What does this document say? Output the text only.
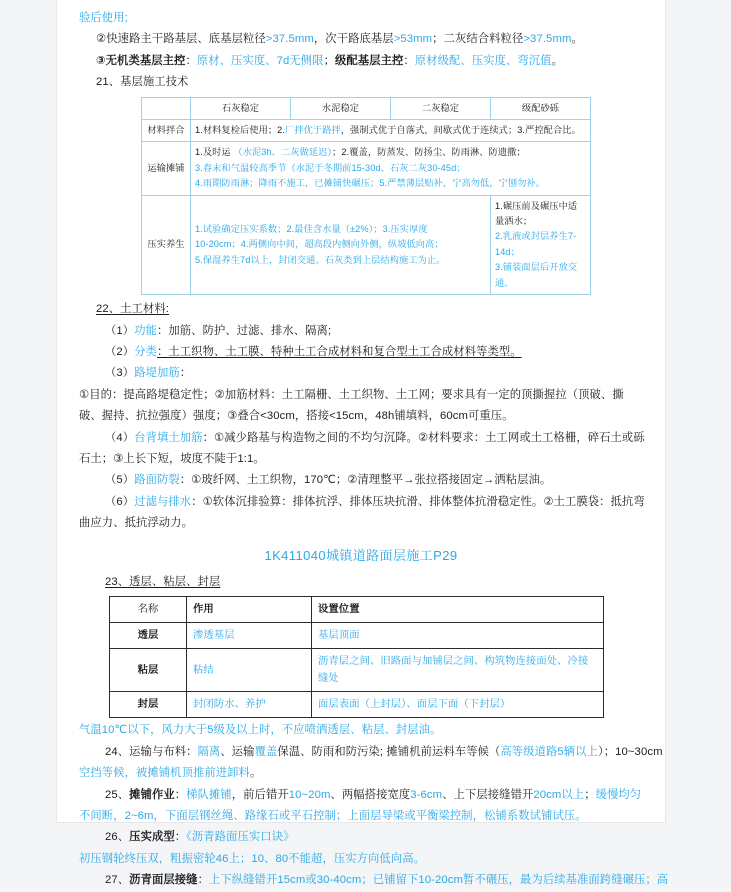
验后使用;
②快速路主干路基层、底基层粒径>37.5mm，次干路底基层>53mm；二灰结合料粒径>37.5mm。
③无机类基层主控：原材、压实度、7d无侧限；级配基层主控：原材级配、压实度、弯沉值。
21、基层施工技术
	石灰稳定	水泥稳定	二灰稳定	级配砂砾
材料拌合	1.材料复检后使用；2.厂拌优于路拌，强制式优于自落式，间歇式优于连续式；3.严控配合比。			

运输摊铺	1.及时运 （水泥3h、二灰做延迟）；2.覆盖，防蒸发、防扬尘、防雨淋、防遗撒；
3.春末和气温较高季节（水泥于冬期前15-30d、石灰二灰30-45d；
4.雨期防雨淋；降雨不施工，已摊铺快碾压；5.严禁薄层贴补，宁高勿低，宁刨勿补。			

压实养生	1.试验确定压实系数；2.最佳含水量（±2%）；3.压实厚度
10-20cm；4.两侧向中间，超高段内侧向外侧，纵坡低向高；
5.保湿养生7d以上，封闭交通。石灰类到上层结构施工为止。			1.碾压前及碾压中适量洒水；
2.乳液或封层养生7-14d；
3.铺装面层后开放交通。
22、土工材料:
（1）功能：加筋、防护、过滤、排水、隔离;
（2）分类：土工织物、土工膜、特种土工合成材料和复合型土工合成材料等类型。
（3）路堤加筋：
①目的：提高路堤稳定性；②加筋材料：土工隔栅、土工织物、土工网；要求具有一定的顶撕握拉（顶破、撕
破、握持、抗拉强度）强度；③叠合<30cm，搭接<15cm，48h铺填料，60cm可重压。
（4）台背填土加筋：①减少路基与构造物之间的不均匀沉降。②材料要求：土工网或土工格栅，碎石土或砾
石土；③上长下短，坡度不陡于1:1。
（5）路面防裂：①玻纤网、土工织物，170℃；②清理整平→张拉搭接固定→洒粘层油。
（6）过滤与排水：①软体沉排验算：排体抗浮、排体压块抗滑、排体整体抗滑稳定性。②土工膜袋：抵抗弯
曲应力、抵抗浮动力。
1K411040城镇道路面层施工P29
23、透层、粘层、封层
名称	作用	设置位置
透层	渗透基层	基层顶面
粘层	粘结	沥青层之间、旧路面与加铺层之间、构筑物连接面处、冷接缝处
封层	封闭防水、养护	面层表面（上封层）、面层下面（下封层）
气温10℃以下，风力大于5级及以上时，不应喷洒透层、粘层、封层油。
24、运输与布料：隔离、运输覆盖保温、防雨和防污染; 摊铺机前运料车等候（高等级道路5辆以上）；10~30cm
空挡等候，被摊铺机顶推前进卸料。
25、摊铺作业：梯队摊铺，前后错开10~20m、两幅搭接宽度3-6cm、上下层接缝错开20cm以上；缓慢均匀
不间断，2~6m，下面层钢丝绳、路缘石或平石控制；上面层导梁或平衡梁控制，松铺系数试铺试压。
26、压实成型：《沥青路面压实口诀》
初压钢轮终压双，粗振密轮46上；10、80不能超，压实方向低向高。
27、沥青面层接缝：上下纵缝错开15cm或30-40cm；已铺留下10-20cm暂不碾压，最为后续基准面跨缝碾压；高
